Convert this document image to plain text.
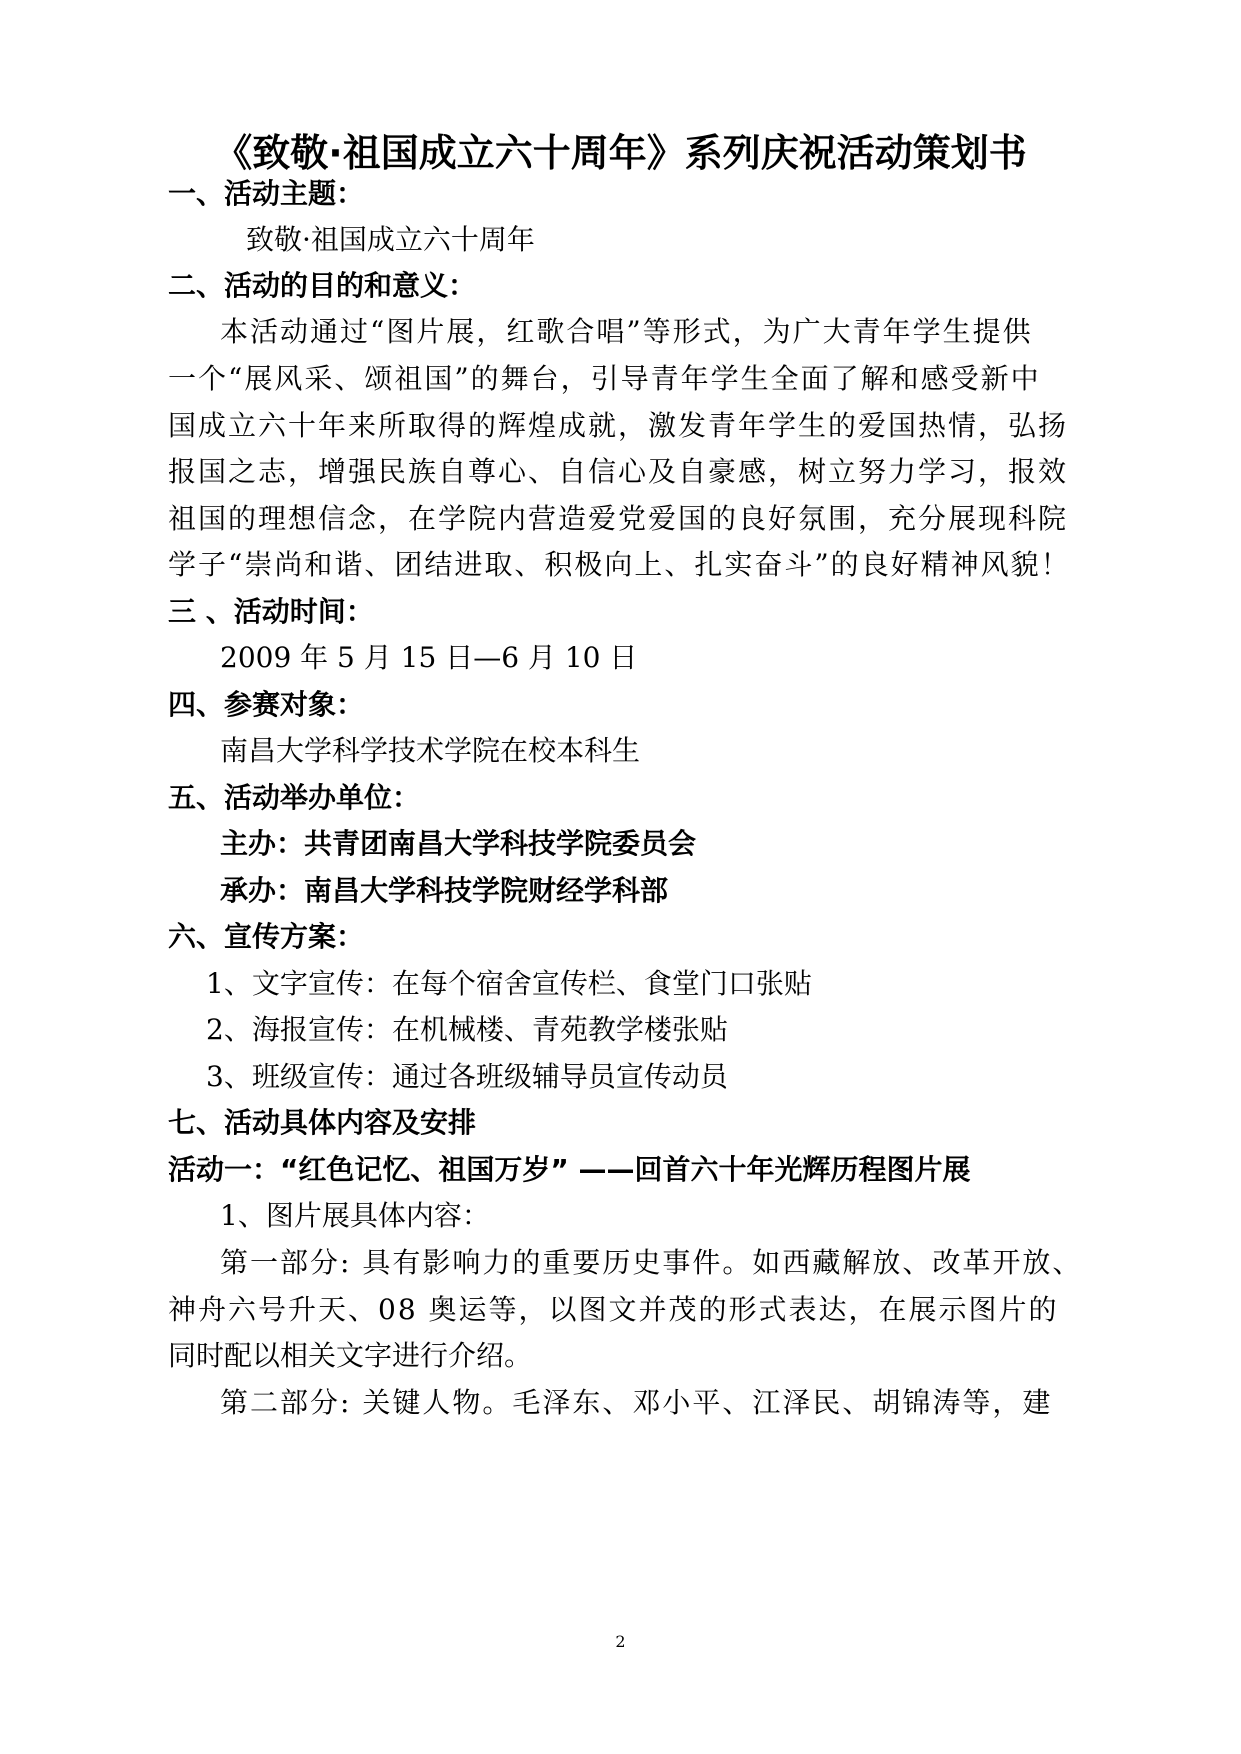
《致敬·祖国成立六十周年》系列庆祝活动策划书
一、活动主题：
致敬·祖国成立六十周年
二、活动的目的和意义：
本活动通过“图片展，红歌合唱”等形式，为广大青年学生提供
一个“展风采、颂祖国”的舞台，引导青年学生全面了解和感受新中
国成立六十年来所取得的辉煌成就，激发青年学生的爱国热情，弘扬
报国之志，增强民族自尊心、自信心及自豪感，树立努力学习，报效
祖国的理想信念，在学院内营造爱党爱国的良好氛围，充分展现科院
学子“崇尚和谐、团结进取、积极向上、扎实奋斗”的良好精神风貌！
三 、活动时间：
2009 年 5 月 15 日—6 月 10 日
四、参赛对象：
南昌大学科学技术学院在校本科生
五、活动举办单位：
主办：共青团南昌大学科技学院委员会
承办：南昌大学科技学院财经学科部
六、宣传方案：
1、文字宣传：在每个宿舍宣传栏、食堂门口张贴
2、海报宣传：在机械楼、青苑教学楼张贴
3、班级宣传：通过各班级辅导员宣传动员
七、活动具体内容及安排
活动一：“红色记忆、祖国万岁” ——回首六十年光辉历程图片展
1、图片展具体内容：
第一部分: 具有影响力的重要历史事件。如西藏解放、改革开放、
神舟六号升天、08 奥运等，以图文并茂的形式表达，在展示图片的
同时配以相关文字进行介绍。
第二部分: 关键人物。毛泽东、邓小平、江泽民、胡锦涛等，建
2
